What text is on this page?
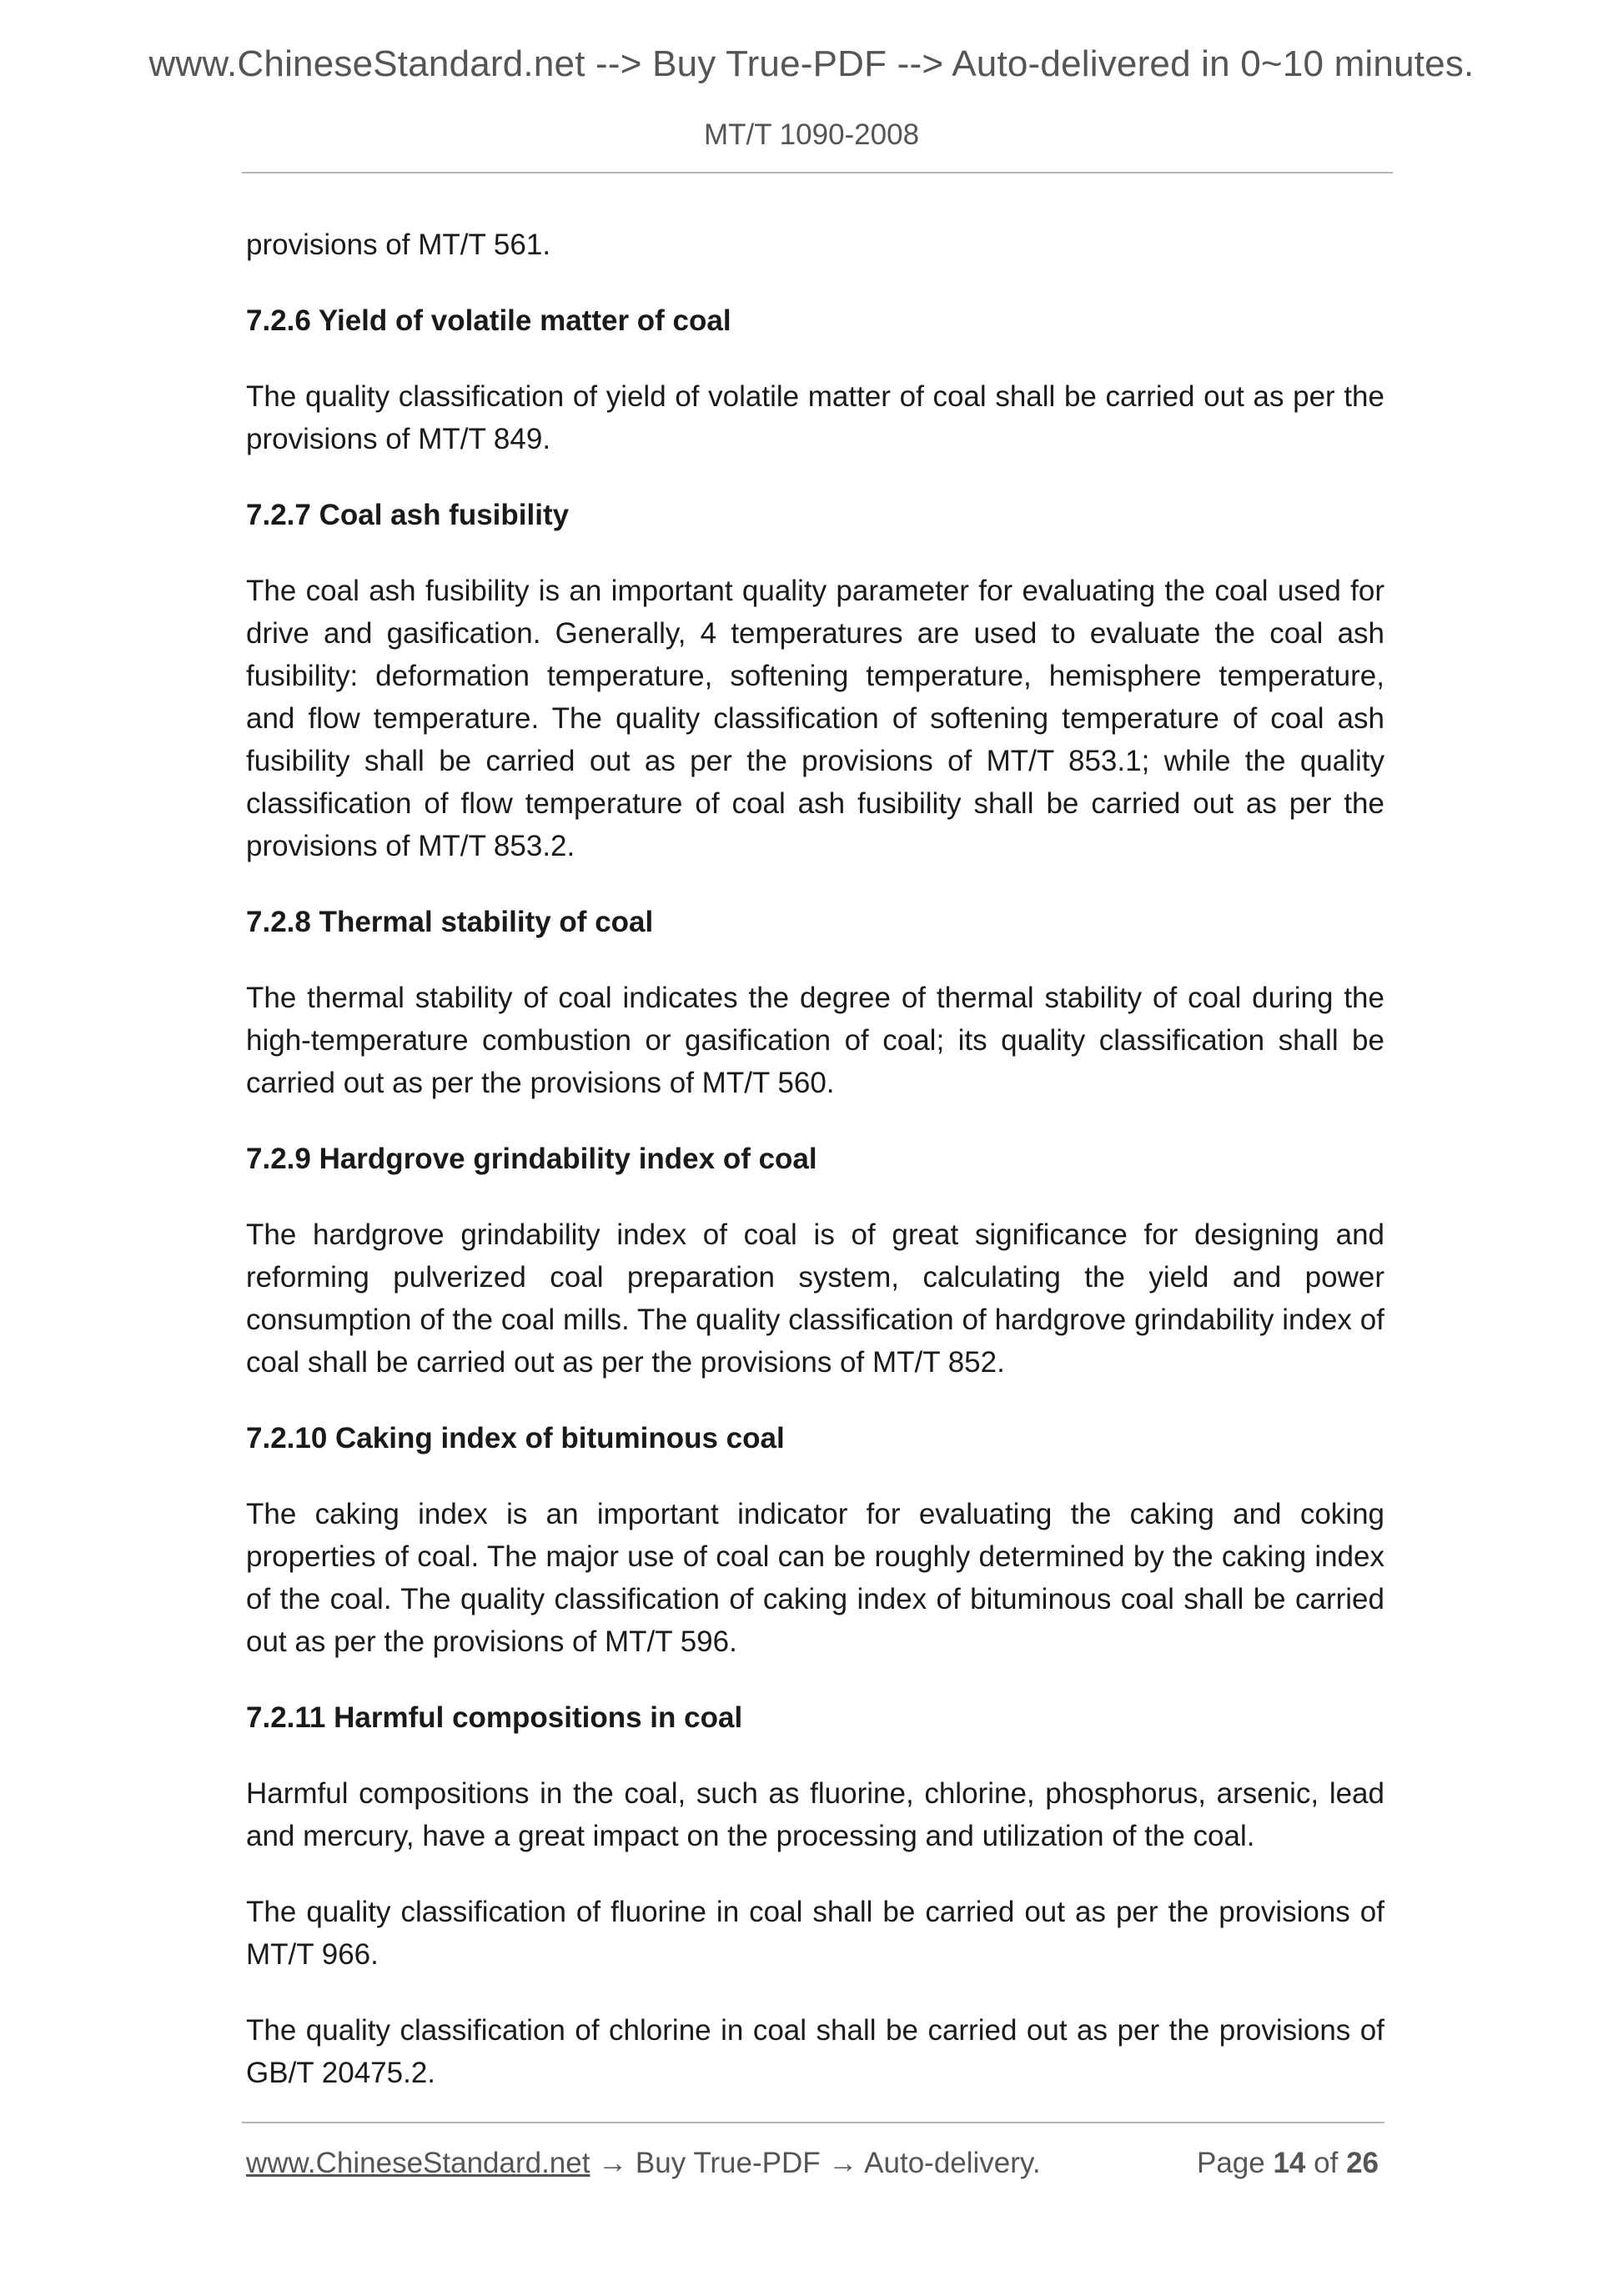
www.ChineseStandard.net --> Buy True-PDF --> Auto-delivered in 0~10 minutes.
MT/T 1090-2008

provisions of MT/T 561.

7.2.6 Yield of volatile matter of coal

The quality classification of yield of volatile matter of coal shall be carried out as per the provisions of MT/T 849.

7.2.7 Coal ash fusibility

The coal ash fusibility is an important quality parameter for evaluating the coal used for drive and gasification. Generally, 4 temperatures are used to evaluate the coal ash fusibility: deformation temperature, softening temperature, hemisphere temperature, and flow temperature. The quality classification of softening temperature of coal ash fusibility shall be carried out as per the provisions of MT/T 853.1; while the quality classification of flow temperature of coal ash fusibility shall be carried out as per the provisions of MT/T 853.2.

7.2.8 Thermal stability of coal

The thermal stability of coal indicates the degree of thermal stability of coal during the high-temperature combustion or gasification of coal; its quality classification shall be carried out as per the provisions of MT/T 560.

7.2.9 Hardgrove grindability index of coal

The hardgrove grindability index of coal is of great significance for designing and reforming pulverized coal preparation system, calculating the yield and power consumption of the coal mills. The quality classification of hardgrove grindability index of coal shall be carried out as per the provisions of MT/T 852.

7.2.10 Caking index of bituminous coal

The caking index is an important indicator for evaluating the caking and coking properties of coal. The major use of coal can be roughly determined by the caking index of the coal. The quality classification of caking index of bituminous coal shall be carried out as per the provisions of MT/T 596.

7.2.11 Harmful compositions in coal

Harmful compositions in the coal, such as fluorine, chlorine, phosphorus, arsenic, lead and mercury, have a great impact on the processing and utilization of the coal.

The quality classification of fluorine in coal shall be carried out as per the provisions of MT/T 966.

The quality classification of chlorine in coal shall be carried out as per the provisions of GB/T 20475.2.

www.ChineseStandard.net → Buy True-PDF → Auto-delivery.	Page 14 of 26
